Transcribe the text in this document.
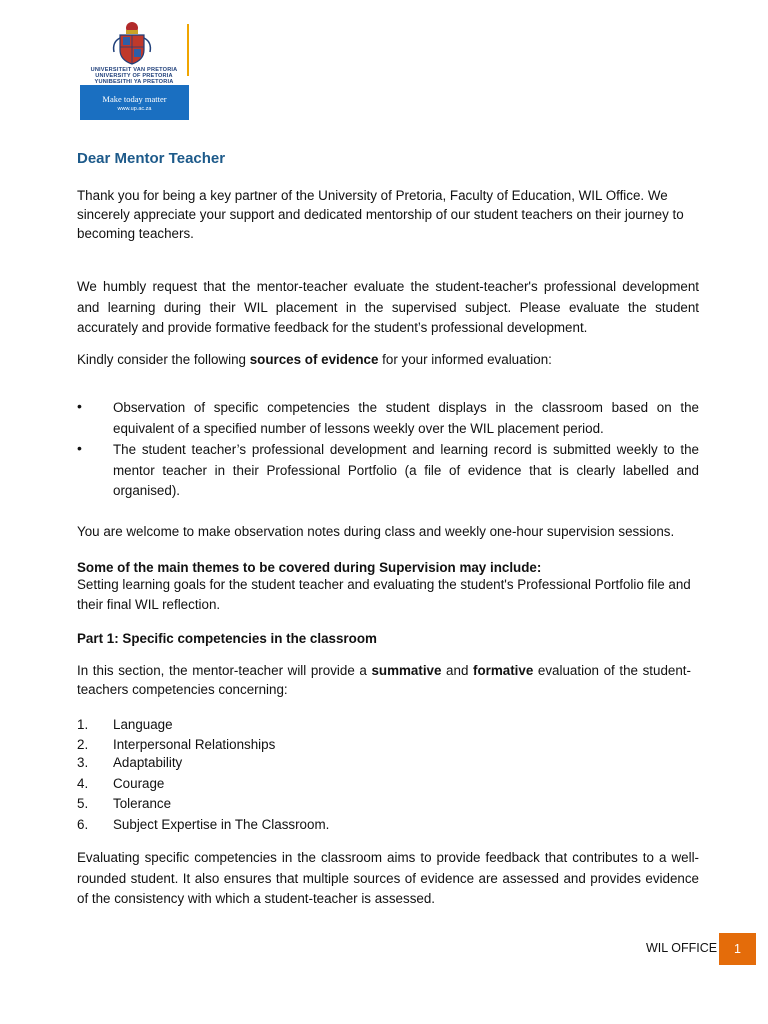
UNIVERSITEIT VAN PRETORIA
UNIVERSITY OF PRETORIA
YUNIBESITHI YA PRETORIA
Make today matter
www.up.ac.za
Dear Mentor Teacher
Thank you for being a key partner of the University of Pretoria, Faculty of Education, WIL Office. We sincerely appreciate your support and dedicated mentorship of our student teachers on their journey to becoming teachers.
We humbly request that the mentor-teacher evaluate the student-teacher's professional development and learning during their WIL placement in the supervised subject. Please evaluate the student accurately and provide formative feedback for the student’s professional development.
Kindly consider the following sources of evidence for your informed evaluation:
• Observation of specific competencies the student displays in the classroom based on the equivalent of a specified number of lessons weekly over the WIL placement period.
• The student teacher’s professional development and learning record is submitted weekly to the mentor teacher in their Professional Portfolio (a file of evidence that is clearly labelled and organised).
You are welcome to make observation notes during class and weekly one-hour supervision sessions.
Some of the main themes to be covered during Supervision may include:
Setting learning goals for the student teacher and evaluating the student's Professional Portfolio file and their final WIL reflection.
Part 1: Specific competencies in the classroom
In this section, the mentor-teacher will provide a summative and formative evaluation of the student-teachers competencies concerning:
1. Language
2. Interpersonal Relationships
3. Adaptability
4. Courage
5. Tolerance
6. Subject Expertise in The Classroom.
Evaluating specific competencies in the classroom aims to provide feedback that contributes to a well-rounded student. It also ensures that multiple sources of evidence are assessed and provides evidence of the consistency with which a student-teacher is assessed.
WIL OFFICE	1
